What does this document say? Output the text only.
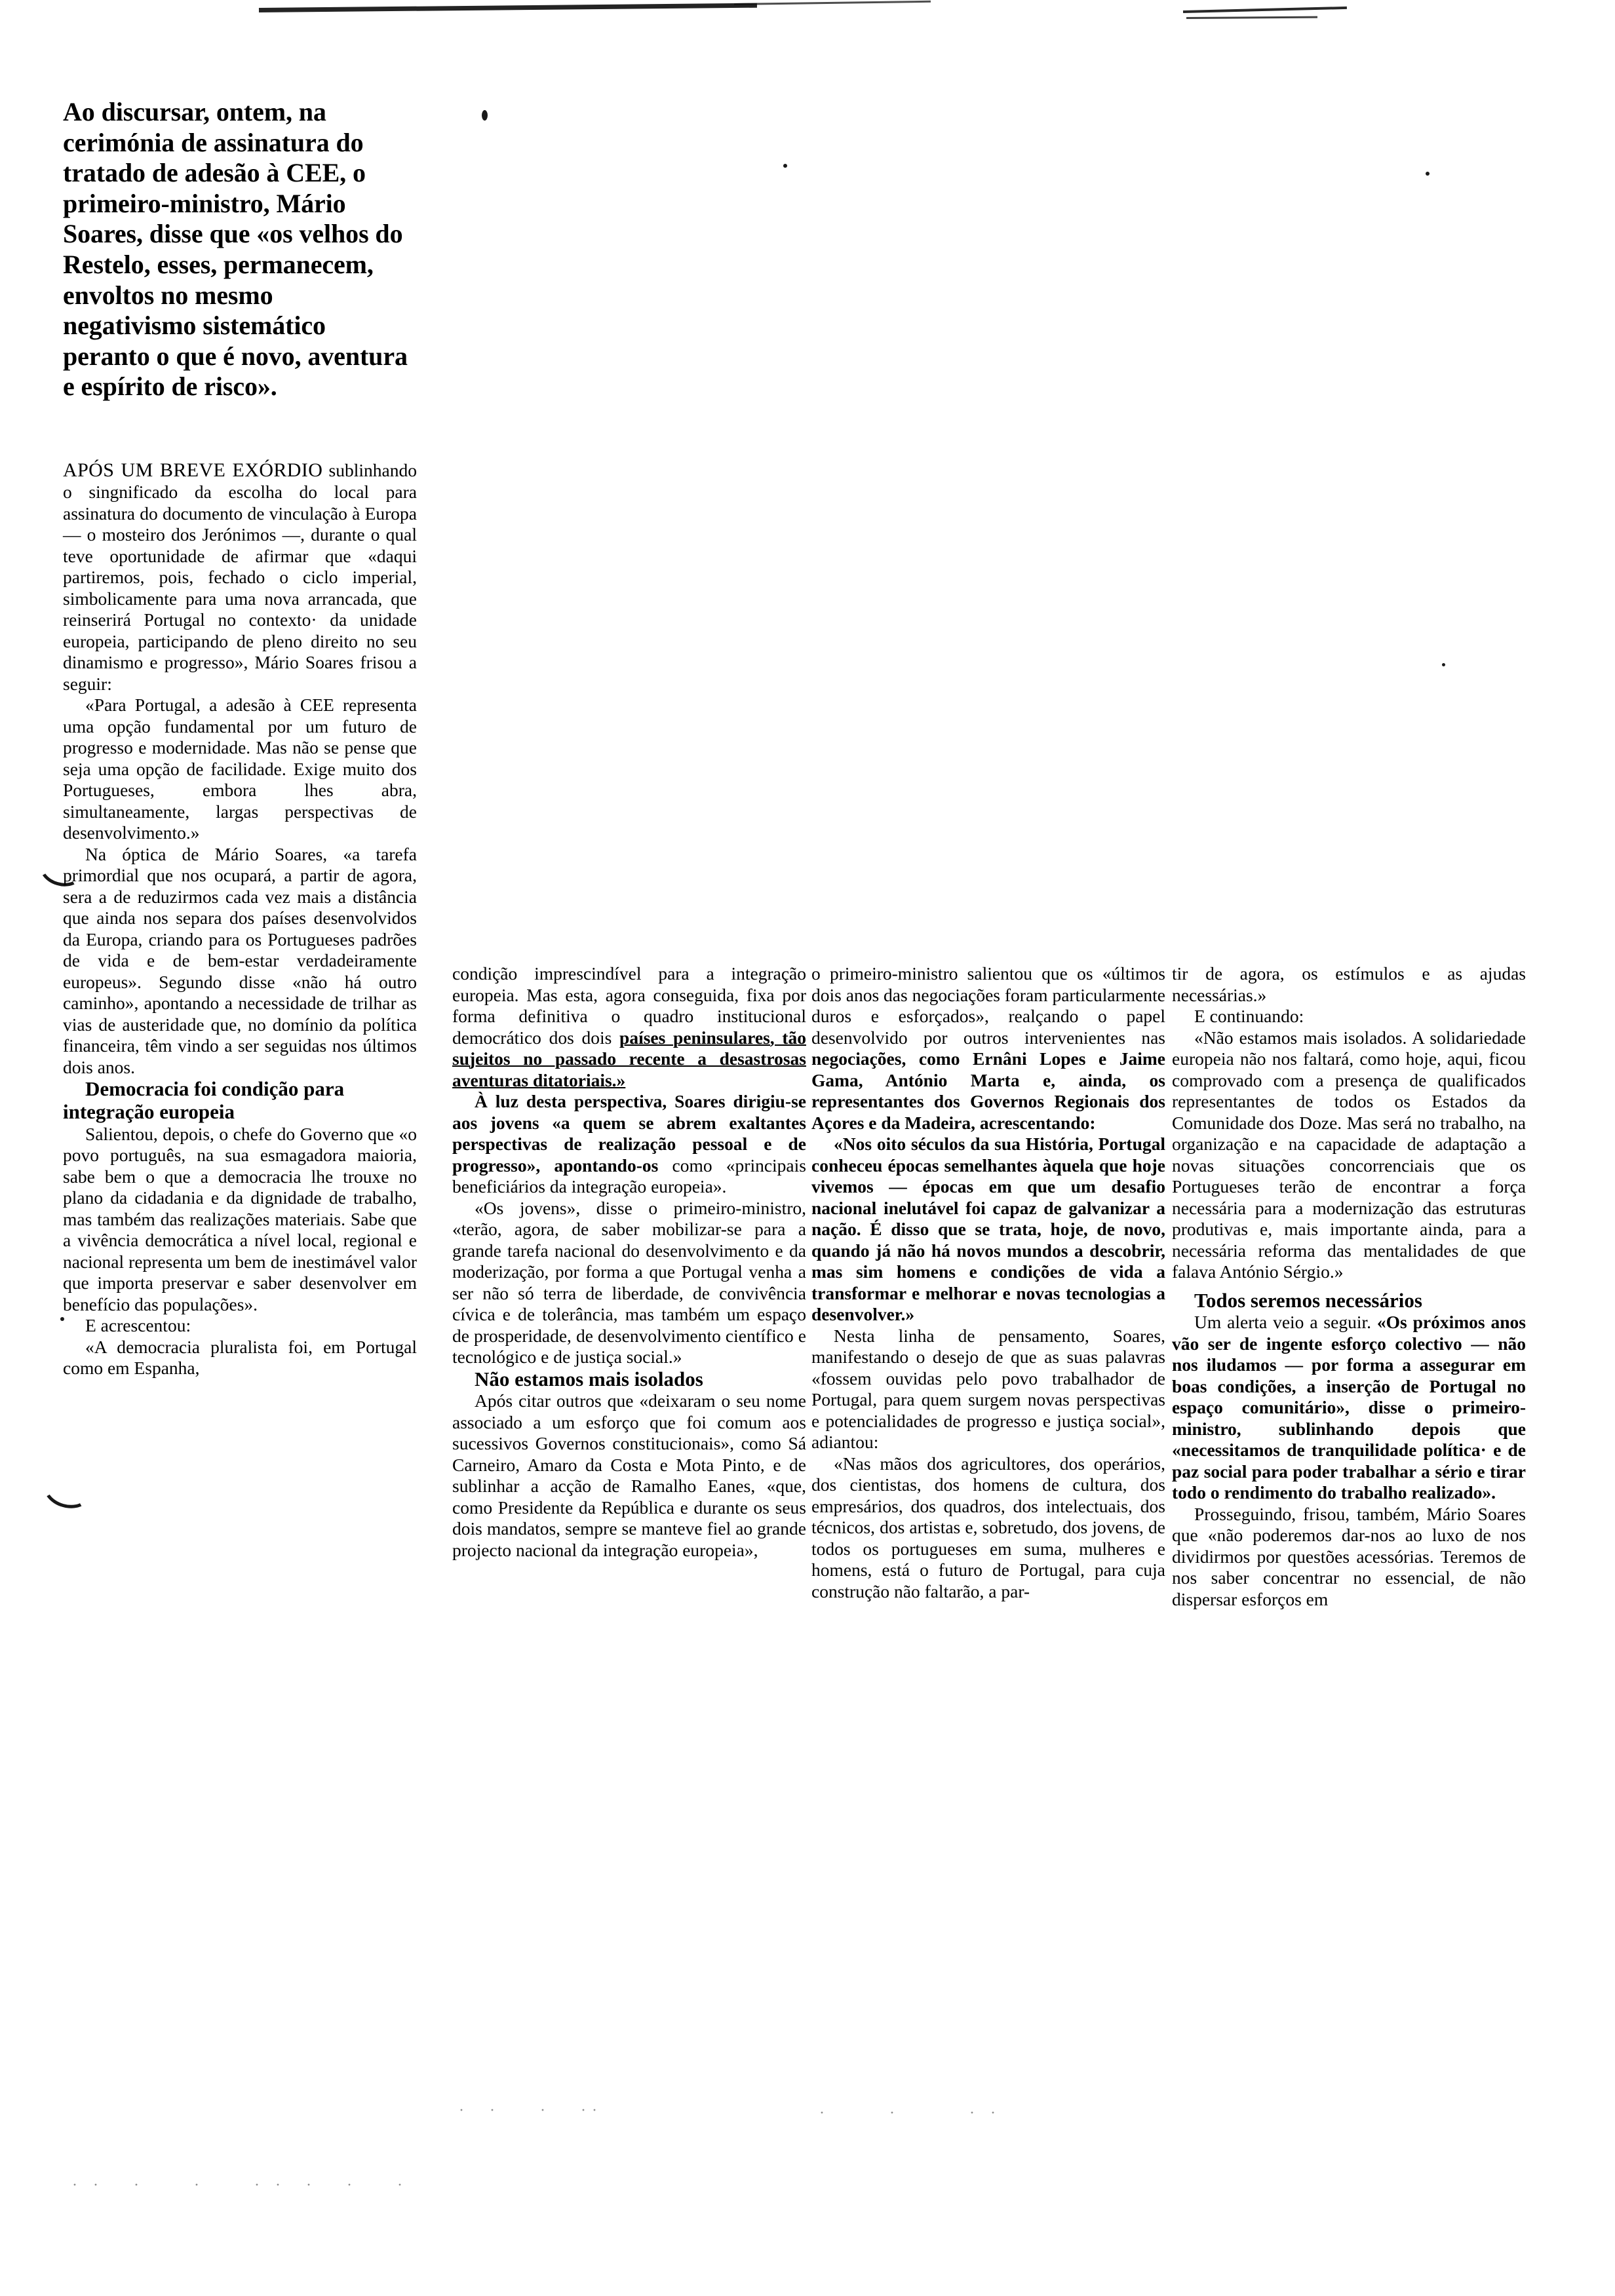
· ·   ·     ·     · ·  ·   ·    ·
·  ·    ·   ··	·      ·       · ·
Ao discursar, ontem, na cerimónia de assinatura do tratado de adesão à CEE, o primeiro-ministro, Mário Soares, disse que «os velhos do Restelo, esses, permanecem, envoltos no mesmo negativismo sistemático peranto o que é novo, aventura e espírito de risco».

APÓS UM BREVE EXÓRDIO sublinhando o singnificado da escolha do local para assinatura do documento de vinculação à Europa — o mosteiro dos Jerónimos —, durante o qual teve oportunidade de afirmar que «daqui partiremos, pois, fechado o ciclo imperial, simbolicamente para uma nova arrancada, que reinserirá Portugal no contexto· da unidade europeia, participando de pleno direito no seu dinamismo e progresso», Mário Soares frisou a seguir:

«Para Portugal, a adesão à CEE representa uma opção fundamental por um futuro de progresso e modernidade. Mas não se pense que seja uma opção de facilidade. Exige muito dos Portugueses, embora lhes abra, simultaneamente, largas perspectivas de desenvolvimento.»

Na óptica de Mário Soares, «a tarefa primordial que nos ocupará, a partir de agora, sera a de reduzirmos cada vez mais a distância que ainda nos separa dos países desenvolvidos da Europa, criando para os Portugueses padrões de vida e de bem-estar verdadeiramente europeus». Segundo disse «não há outro caminho», apontando a necessidade de trilhar as vias de austeridade que, no domínio da política financeira, têm vindo a ser seguidas nos últimos dois anos.

Democracia foi condição para integração europeia

Salientou, depois, o chefe do Governo que «o povo português, na sua esmagadora maioria, sabe bem o que a democracia lhe trouxe no plano da cidadania e da dignidade de trabalho, mas também das realizações materiais. Sabe que a vivência democrática a nível local, regional e nacional representa um bem de inestimável valor que importa preservar e saber desenvolver em benefício das populações».

E acrescentou:

«A democracia pluralista foi, em Portugal como em Espanha,

condição imprescindível para a integração europeia. Mas esta, agora conseguida, fixa por forma definitiva o quadro institucional democrático dos dois países peninsulares, tão sujeitos no passado recente a desastrosas aventuras ditatoriais.»

À luz desta perspectiva, Soares dirigiu-se aos jovens «a quem se abrem exaltantes perspectivas de realização pessoal e de progresso», apontando-os como «principais beneficiários da integração europeia».

«Os jovens», disse o primeiro-ministro, «terão, agora, de saber mobilizar-se para a grande tarefa nacional do desenvolvimento e da moderização, por forma a que Portugal venha a ser não só terra de liberdade, de convivência cívica e de tolerância, mas também um espaço de prosperidade, de desenvolvimento científico e tecnológico e de justiça social.»

Não estamos mais isolados

Após citar outros que «deixaram o seu nome associado a um esforço que foi comum aos sucessivos Governos constitucionais», como Sá Carneiro, Amaro da Costa e Mota Pinto, e de sublinhar a acção de Ramalho Eanes, «que, como Presidente da República e durante os seus dois mandatos, sempre se manteve fiel ao grande projecto nacional da integração europeia»,

o primeiro-ministro salientou que os «últimos dois anos das negociações foram particularmente duros e esforçados», realçando o papel desenvolvido por outros intervenientes nas negociações, como Ernâni Lopes e Jaime Gama, António Marta e, ainda, os representantes dos Governos Regionais dos Açores e da Madeira, acrescentando:

«Nos oito séculos da sua História, Portugal conheceu épocas semelhantes àquela que hoje vivemos — épocas em que um desafio nacional inelutável foi capaz de galvanizar a nação. É disso que se trata, hoje, de novo, quando já não há novos mundos a descobrir, mas sim homens e condições de vida a transformar e melhorar e novas tecnologias a desenvolver.»

Nesta linha de pensamento, Soares, manifestando o desejo de que as suas palavras «fossem ouvidas pelo povo trabalhador de Portugal, para quem surgem novas perspectivas e potencialidades de progresso e justiça social», adiantou:

«Nas mãos dos agricultores, dos operários, dos cientistas, dos homens de cultura, dos empresários, dos quadros, dos intelectuais, dos técnicos, dos artistas e, sobretudo, dos jovens, de todos os portugueses em suma, mulheres e homens, está o futuro de Portugal, para cuja construção não faltarão, a par-

tir de agora, os estímulos e as ajudas necessárias.»

E continuando:

«Não estamos mais isolados. A solidariedade europeia não nos faltará, como hoje, aqui, ficou comprovado com a presença de qualificados representantes de todos os Estados da Comunidade dos Doze. Mas será no trabalho, na organização e na capacidade de adaptação a novas situações concorrenciais que os Portugueses terão de encontrar a força necessária para a modernização das estruturas produtivas e, mais importante ainda, para a necessária reforma das mentalidades de que falava António Sérgio.»

Todos seremos necessários

Um alerta veio a seguir. «Os próximos anos vão ser de ingente esforço colectivo — não nos iludamos — por forma a assegurar em boas condições, a inserção de Portugal no espaço comunitário», disse o primeiro-ministro, sublinhando depois que «necessitamos de tranquilidade política· e de paz social para poder trabalhar a sério e tirar todo o rendimento do trabalho realizado».

Prosseguindo, frisou, também, Mário Soares que «não poderemos dar-nos ao luxo de nos dividirmos por questões acessórias. Teremos de nos saber concentrar no essencial, de não dispersar esforços em
